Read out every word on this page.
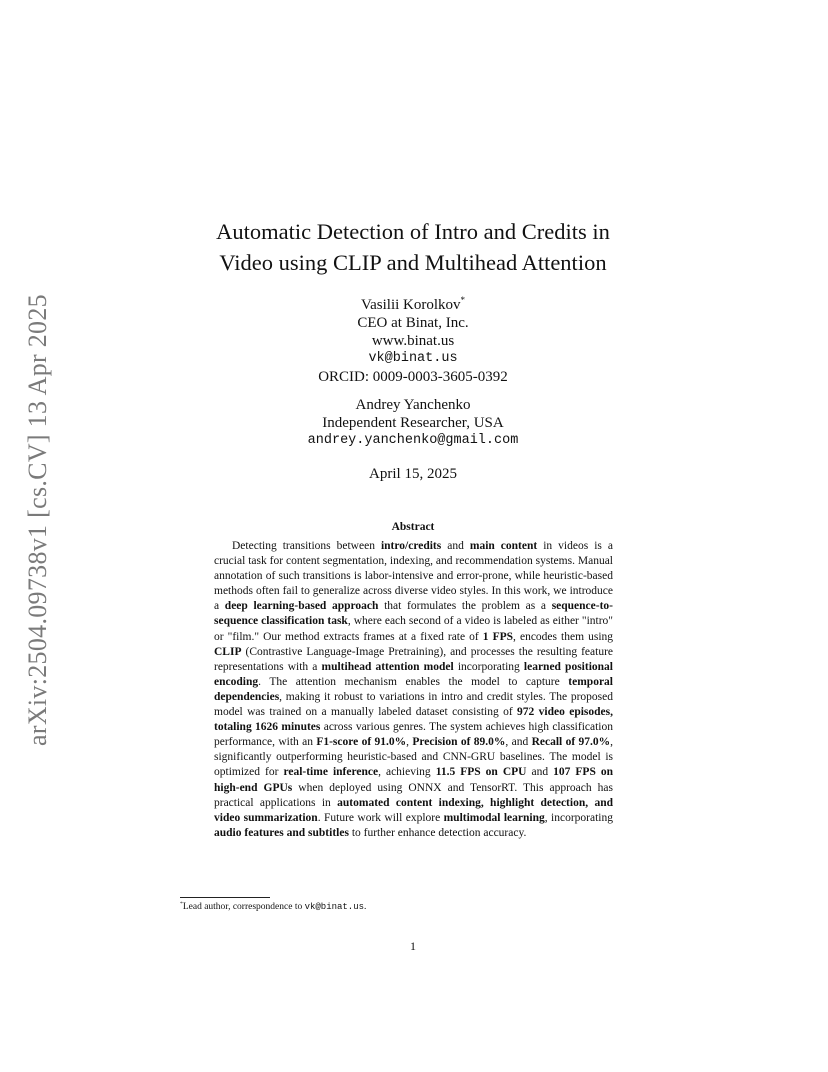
arXiv:2504.09738v1 [cs.CV] 13 Apr 2025
Automatic Detection of Intro and Credits in
Video using CLIP and Multihead Attention
Vasilii Korolkov*
CEO at Binat, Inc.
www.binat.us
vk@binat.us
ORCID: 0009-0003-3605-0392
Andrey Yanchenko
Independent Researcher, USA
andrey.yanchenko@gmail.com
April 15, 2025
Abstract

Detecting transitions between intro/credits and main content in videos is a crucial task for content segmentation, indexing, and recommendation systems. Manual annotation of such transitions is labor-intensive and error-prone, while heuristic-based methods often fail to generalize across diverse video styles. In this work, we introduce a deep learning-based approach that formulates the problem as a sequence-to-sequence classification task, where each second of a video is labeled as either "intro" or "film." Our method extracts frames at a fixed rate of 1 FPS, encodes them using CLIP (Contrastive Language-Image Pretraining), and processes the resulting feature representations with a multihead attention model incorporating learned positional encoding. The attention mechanism enables the model to capture temporal dependencies, making it robust to variations in intro and credit styles. The proposed model was trained on a manually labeled dataset consisting of 972 video episodes, totaling 1626 minutes across various genres. The system achieves high classification performance, with an F1-score of 91.0%, Precision of 89.0%, and Recall of 97.0%, significantly outperforming heuristic-based and CNN-GRU baselines. The model is optimized for real-time inference, achieving 11.5 FPS on CPU and 107 FPS on high-end GPUs when deployed using ONNX and TensorRT. This approach has practical applications in automated content indexing, highlight detection, and video summarization. Future work will explore multimodal learning, incorporating audio features and subtitles to further enhance detection accuracy.

*Lead author, correspondence to vk@binat.us.
1
